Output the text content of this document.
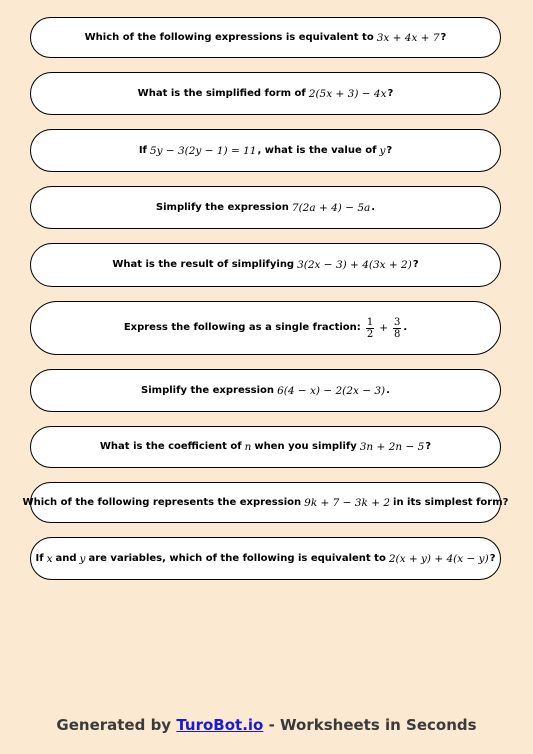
Which of the following expressions is equivalent to 3x + 4x + 7 ?
What is the simplified form of 2(5x + 3) − 4x ?
If 5y − 3(2y − 1) = 11 , what is the value of y ?
Simplify the expression 7(2a + 4) − 5a .
What is the result of simplifying 3(2x − 3) + 4(3x + 2) ?
Express the following as a single fraction: $\frac{1}{2} + \frac{3}{8}$ .
Simplify the expression 6(4 − x) − 2(2x − 3) .
What is the coefficient of n when you simplify 3n + 2n − 5 ?
Which of the following represents the expression 9k + 7 − 3k + 2 in its simplest form?
If x and y are variables, which of the following is equivalent to 2(x + y) + 4(x − y) ?
Generated by TuroBot.io - Worksheets in Seconds
